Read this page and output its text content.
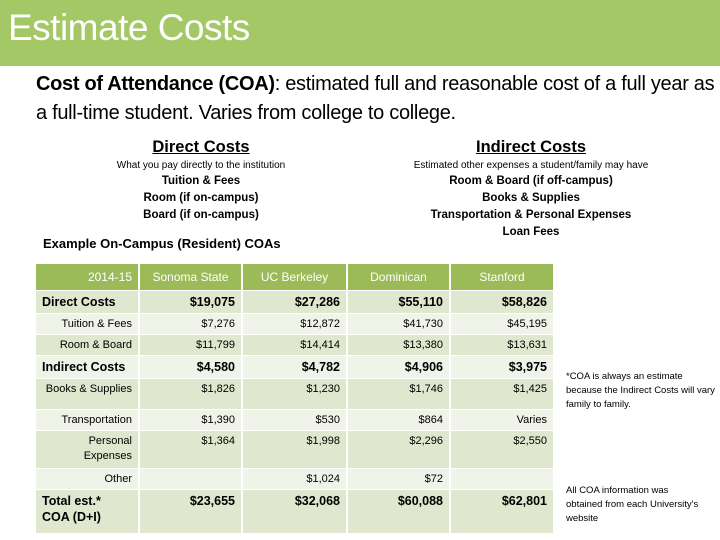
Estimate Costs
Cost of Attendance (COA): estimated full and reasonable cost of a full year as a full-time student. Varies from college to college.
Direct Costs
What you pay directly to the institution
Tuition & Fees
Room (if on-campus)
Board (if on-campus)
Indirect Costs
Estimated other expenses a student/family may have
Room & Board (if off-campus)
Books & Supplies
Transportation & Personal Expenses
Loan Fees
Example On-Campus (Resident) COAs
2014-15	Sonoma State	UC Berkeley	Dominican	Stanford
Direct Costs	$19,075	$27,286	$55,110	$58,826
Tuition & Fees	$7,276	$12,872	$41,730	$45,195
Room & Board	$11,799	$14,414	$13,380	$13,631
Indirect Costs	$4,580	$4,782	$4,906	$3,975
Books & Supplies	$1,826	$1,230	$1,746	$1,425
Transportation	$1,390	$530	$864	Varies
Personal Expenses	$1,364	$1,998	$2,296	$2,550
Other		$1,024	$72	
Total est.* COA (D+I)	$23,655	$32,068	$60,088	$62,801
*COA is always an estimate because the Indirect Costs will vary family to family.
All COA information was obtained from each University's website
